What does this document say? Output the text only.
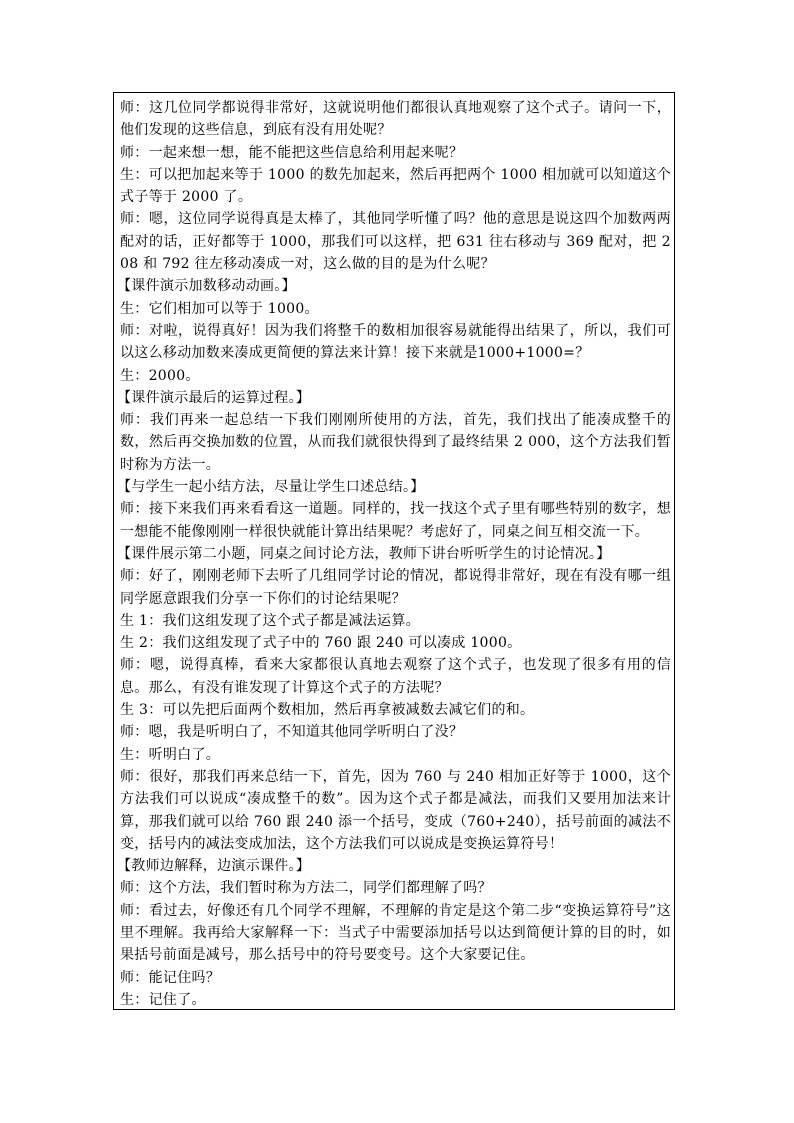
师：这几位同学都说得非常好，这就说明他们都很认真地观察了这个式子。请问一下，他们发现的这些信息，到底有没有用处呢？

师：一起来想一想，能不能把这些信息给利用起来呢？

生：可以把加起来等于 1000 的数先加起来，然后再把两个 1000 相加就可以知道这个式子等于 2000 了。

师：嗯，这位同学说得真是太棒了，其他同学听懂了吗？他的意思是说这四个加数两两配对的话，正好都等于 1000，那我们可以这样，把 631 往右移动与 369 配对，把 208 和 792 往左移动凑成一对，这么做的目的是为什么呢？

【课件演示加数移动动画。】

生：它们相加可以等于 1000。

师：对啦，说得真好！因为我们将整千的数相加很容易就能得出结果了，所以，我们可以这么移动加数来凑成更简便的算法来计算！接下来就是1000+1000=？

生：2000。

【课件演示最后的运算过程。】

师：我们再来一起总结一下我们刚刚所使用的方法，首先，我们找出了能凑成整千的数，然后再交换加数的位置，从而我们就很快得到了最终结果 2 000，这个方法我们暂时称为方法一。

【与学生一起小结方法，尽量让学生口述总结。】

师：接下来我们再来看看这一道题。同样的，找一找这个式子里有哪些特别的数字，想一想能不能像刚刚一样很快就能计算出结果呢？考虑好了，同桌之间互相交流一下。

【课件展示第二小题，同桌之间讨论方法，教师下讲台听听学生的讨论情况。】

师：好了，刚刚老师下去听了几组同学讨论的情况，都说得非常好，现在有没有哪一组同学愿意跟我们分享一下你们的讨论结果呢？

生 1：我们这组发现了这个式子都是减法运算。

生 2：我们这组发现了式子中的 760 跟 240 可以凑成 1000。

师：嗯，说得真棒，看来大家都很认真地去观察了这个式子，也发现了很多有用的信息。那么，有没有谁发现了计算这个式子的方法呢？

生 3：可以先把后面两个数相加，然后再拿被减数去减它们的和。

师：嗯，我是听明白了，不知道其他同学听明白了没？

生：听明白了。

师：很好，那我们再来总结一下，首先，因为 760 与 240 相加正好等于 1000，这个方法我们可以说成“凑成整千的数”。因为这个式子都是减法，而我们又要用加法来计算，那我们就可以给 760 跟 240 添一个括号，变成（760+240），括号前面的减法不变，括号内的减法变成加法，这个方法我们可以说成是变换运算符号！

【教师边解释，边演示课件。】

师：这个方法，我们暂时称为方法二，同学们都理解了吗？

师：看过去，好像还有几个同学不理解，不理解的肯定是这个第二步“变换运算符号”这里不理解。我再给大家解释一下：当式子中需要添加括号以达到简便计算的目的时，如果括号前面是减号，那么括号中的符号要变号。这个大家要记住。

师：能记住吗？

生：记住了。
